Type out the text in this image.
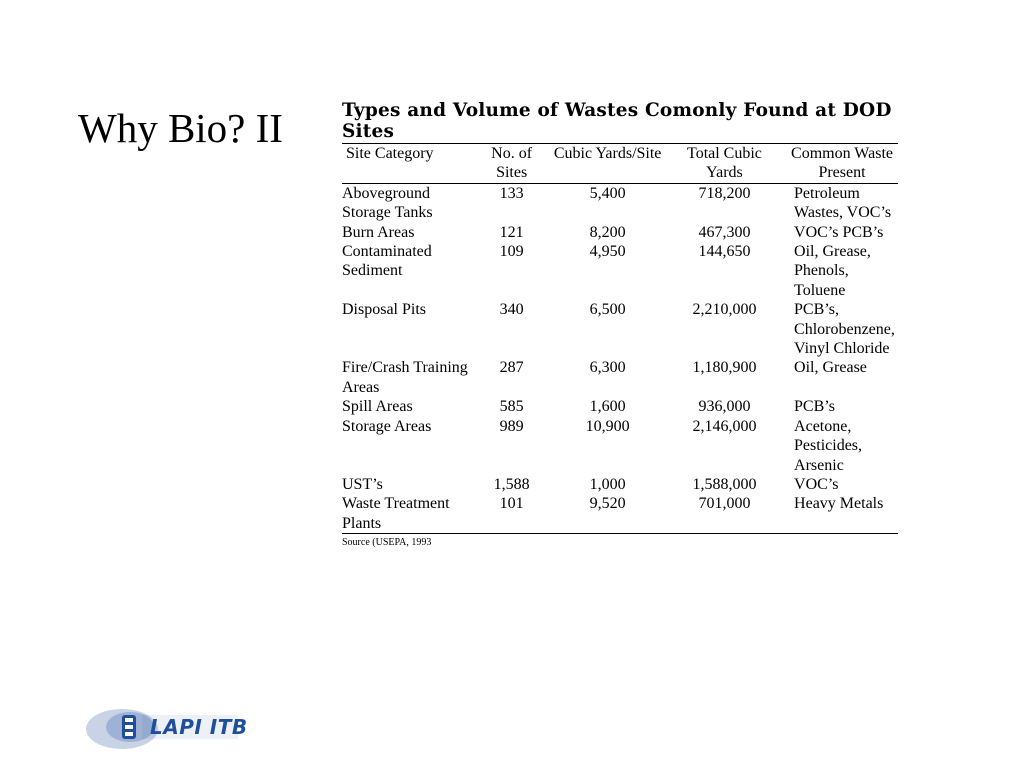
Why Bio? II	Types and Volume of Wastes Comonly Found at DOD Sites
Site Category	No. of Sites	Cubic Yards/Site	Total Cubic Yards	Common Waste Present
Aboveground Storage Tanks	133	5,400	718,200	Petroleum Wastes, VOC’s
Burn Areas	121	8,200	467,300	VOC’s PCB’s
Contaminated Sediment	109	4,950	144,650	Oil, Grease, Phenols, Toluene
Disposal Pits	340	6,500	2,210,000	PCB’s, Chlorobenzene, Vinyl Chloride
Fire/Crash Training Areas	287	6,300	1,180,900	Oil, Grease
Spill Areas	585	1,600	936,000	PCB’s
Storage Areas	989	10,900	2,146,000	Acetone, Pesticides, Arsenic
UST’s	1,588	1,000	1,588,000	VOC’s
Waste Treatment Plants	101	9,520	701,000	Heavy Metals
Source (USEPA, 1993
LAPI ITB
